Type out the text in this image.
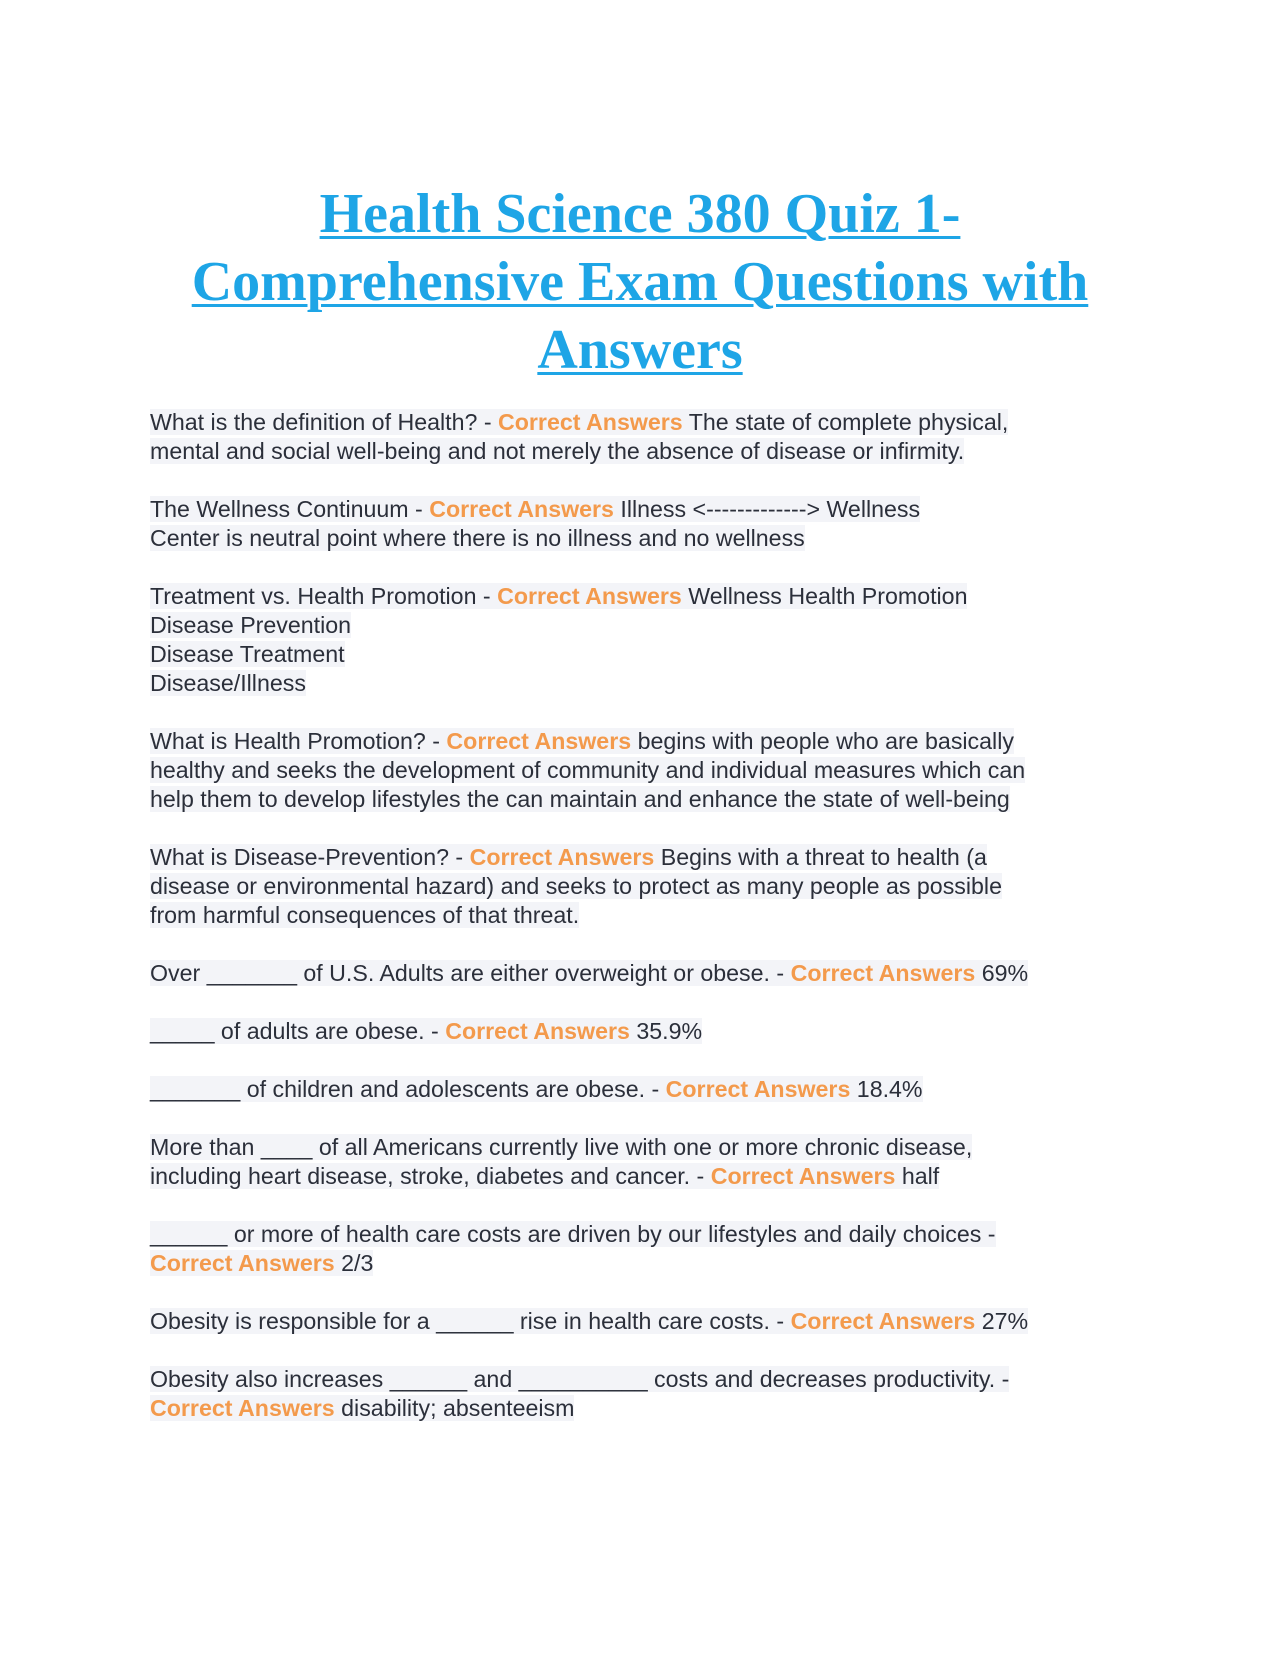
Health Science 380 Quiz 1-
Comprehensive Exam Questions with
Answers

What is the definition of Health? - Correct Answers The state of complete physical,
mental and social well-being and not merely the absence of disease or infirmity.

The Wellness Continuum - Correct Answers Illness <-------------> Wellness
Center is neutral point where there is no illness and no wellness

Treatment vs. Health Promotion - Correct Answers Wellness Health Promotion
Disease Prevention
Disease Treatment
Disease/Illness

What is Health Promotion? - Correct Answers begins with people who are basically
healthy and seeks the development of community and individual measures which can
help them to develop lifestyles the can maintain and enhance the state of well-being

What is Disease-Prevention? - Correct Answers Begins with a threat to health (a
disease or environmental hazard) and seeks to protect as many people as possible
from harmful consequences of that threat.

Over _______ of U.S. Adults are either overweight or obese. - Correct Answers 69%

_____ of adults are obese. - Correct Answers 35.9%

_______ of children and adolescents are obese. - Correct Answers 18.4%

More than ____ of all Americans currently live with one or more chronic disease,
including heart disease, stroke, diabetes and cancer. - Correct Answers half

______ or more of health care costs are driven by our lifestyles and daily choices -
Correct Answers 2/3

Obesity is responsible for a ______ rise in health care costs. - Correct Answers 27%

Obesity also increases ______ and __________ costs and decreases productivity. -
Correct Answers disability; absenteeism
